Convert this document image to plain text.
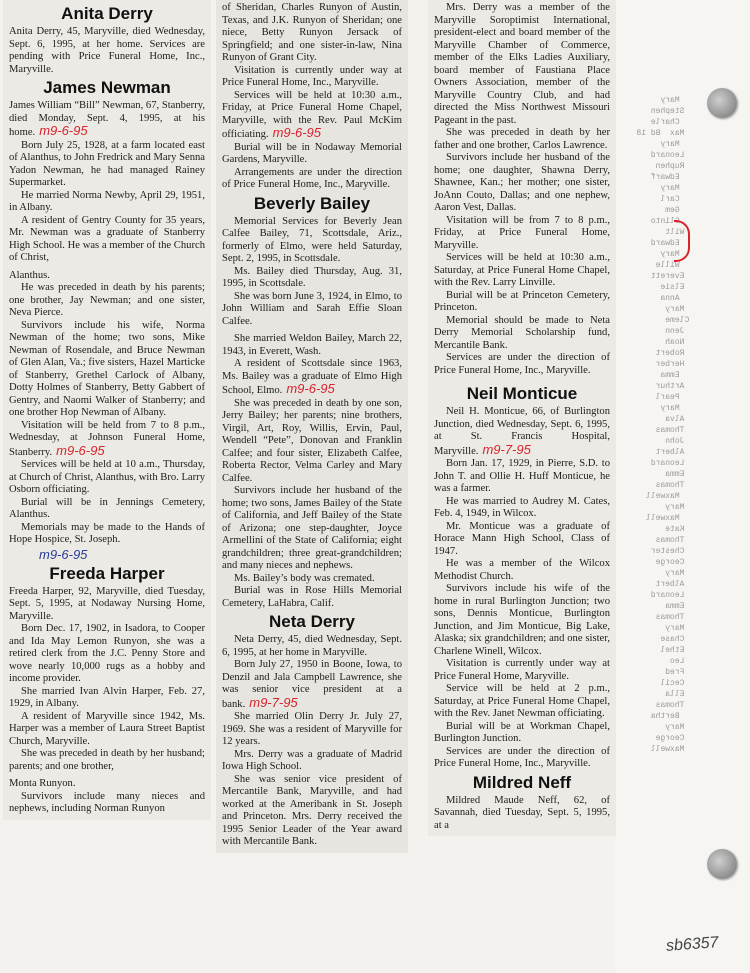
Mary
Stephen
Charle
Max  Bd
Mary
Leonard
Ruphen
Edwarf
Mary
Carl
Gem
Clinto
Wilt
Edward
Mary
Wille
Everett
Elsie
Anna
Mary
Cleme
Jenn
Noah
Robert
Herber
Emma
Arthur
Pearl
Mary
Alva
Thomas
John
Albert
Leonard
Emma
Thomas
Maxwell
Mary
Maxwell
Kate
Thomas
Chester
Ceorge
Mary
Albert
Leonard
Emma
Thomas
Mary
Chase
Ethel
Leo
Fred
Cecil
Ella
Thomas
Bertha
Mary
Ceorge
Maxwell

sb6357
Anita Derry

Anita Derry, 45, Maryville, died Wednesday, Sept. 6, 1995, at her home. Services are pending with Price Funeral Home, Inc., Maryville.

James Newman

James William “Bill” Newman, 67, Stanberry, died Monday, Sept. 4, 1995, at his home. m9-6-95

Born July 25, 1928, at a farm located east of Alanthus, to John Fredrick and Mary Senna Yadon Newman, he had managed Rainey Supermarket.

He married Norma Newby, April 29, 1951, in Albany.

A resident of Gentry County for 35 years, Mr. Newman was a graduate of Stanberry High School. He was a member of the Church of Christ,

Alanthus.

He was preceded in death by his parents; one brother, Jay Newman; and one sister, Neva Pierce.

Survivors include his wife, Norma Newman of the home; two sons, Mike Newman of Rosendale, and Bruce Newman of Glen Alan, Va.; five sisters, Hazel Marticke of Stanberry, Grethel Carlock of Albany, Dotty Holmes of Stanberry, Betty Gabbert of Gentry, and Naomi Walker of Stanberry; and one brother Hop Newman of Albany.

Visitation will be held from 7 to 8 p.m., Wednesday, at Johnson Funeral Home, Stanberry. m9-6-95

Services will be held at 10 a.m., Thursday, at Church of Christ, Alanthus, with Bro. Larry Osborn officiating.

Burial will be in Jennings Cemetery, Alanthus.

Memorials may be made to the Hands of Hope Hospice, St. Joseph.

m9-6-95
Freeda Harper

Freeda Harper, 92, Maryville, died Tuesday, Sept. 5, 1995, at Nodaway Nursing Home, Maryville.

Born Dec. 17, 1902, in Isadora, to Cooper and Ida May Lemon Runyon, she was a retired clerk from the J.C. Penny Store and wove nearly 10,000 rugs as a hobby and income provider.

She married Ivan Alvin Harper, Feb. 27, 1929, in Albany.

A resident of Maryville since 1942, Ms. Harper was a member of Laura Street Baptist Church, Maryville.

She was preceded in death by her husband; parents; and one brother,

Monta Runyon.

Survivors include many nieces and nephews, including Norman Runyon

of Sheridan, Charles Runyon of Austin, Texas, and J.K. Runyon of Sheridan; one niece, Betty Runyon Jersack of Springfield; and one sister-in-law, Nina Runyon of Grant City.

Visitation is currently under way at Price Funeral Home, Inc., Maryville.

Services will be held at 10:30 a.m., Friday, at Price Funeral Home Chapel, Maryville, with the Rev. Paul McKim officiating. m9-6-95

Burial will be in Nodaway Memorial Gardens, Maryville.

Arrangements are under the direction of Price Funeral Home, Inc., Maryville.

Beverly Bailey

Memorial Services for Beverly Jean Calfee Bailey, 71, Scottsdale, Ariz., formerly of Elmo, were held Saturday, Sept. 2, 1995, in Scottsdale.

Ms. Bailey died Thursday, Aug. 31, 1995, in Scottsdale.

She was born June 3, 1924, in Elmo, to John William and Sarah Effie Sloan Calfee.

She married Weldon Bailey, March 22, 1943, in Everett, Wash.

A resident of Scottsdale since 1963, Ms. Bailey was a graduate of Elmo High School, Elmo. m9-6-95

She was preceded in death by one son, Jerry Bailey; her parents; nine brothers, Virgil, Art, Roy, Willis, Ervin, Paul, Wendell “Pete”, Donovan and Franklin Calfee; and four sister, Elizabeth Calfee, Roberta Rector, Velma Carley and Mary Calfee.

Survivors include her husband of the home; two sons, James Bailey of the State of California, and Jeff Bailey of the State of Arizona; one step-daughter, Joyce Armellini of the State of California; eight grandchildren; three great-grandchildren; and many nieces and nephews.

Ms. Bailey’s body was cremated.

Burial was in Rose Hills Memorial Cemetery, LaHabra, Calif.

Neta Derry

Neta Derry, 45, died Wednesday, Sept. 6, 1995, at her home in Maryville.

Born July 27, 1950 in Boone, Iowa, to Denzil and Jala Campbell Lawrence, she was senior vice president at a bank. m9-7-95

She married Olin Derry Jr. July 27, 1969. She was a resident of Maryville for 12 years.

Mrs. Derry was a graduate of Madrid Iowa High School.

She was senior vice president of Mercantile Bank, Maryville, and had worked at the Ameribank in St. Joseph and Princeton. Mrs. Derry received the 1995 Senior Leader of the Year award with Mercantile Bank.

Mrs. Derry was a member of the Maryville Soroptimist International, president-elect and board member of the Maryville Chamber of Commerce, member of the Elks Ladies Auxiliary, board member of Faustiana Place Owners Association, member of the Maryville Country Club, and had directed the Miss Northwest Missouri Pageant in the past.

She was preceded in death by her father and one brother, Carlos Lawrence.

Survivors include her husband of the home; one daughter, Shawna Derry, Shawnee, Kan.; her mother; one sister, JoAnn Couto, Dallas; and one nephew, Aaron Vest, Dallas.

Visitation will be from 7 to 8 p.m., Friday, at Price Funeral Home, Maryville.

Services will be held at 10:30 a.m., Saturday, at Price Funeral Home Chapel, with the Rev. Larry Linville.

Burial will be at Princeton Cemetery, Princeton.

Memorial should be made to Neta Derry Memorial Scholarship fund, Mercantile Bank.

Services are under the direction of Price Funeral Home, Inc., Maryville.

Neil Monticue

Neil H. Monticue, 66, of Burlington Junction, died Wednesday, Sept. 6, 1995, at St. Francis Hospital, Maryville. m9-7-95

Born Jan. 17, 1929, in Pierre, S.D. to John T. and Ollie H. Huff Monticue, he was a farmer.

He was married to Audrey M. Cates, Feb. 4, 1949, in Wilcox.

Mr. Monticue was a graduate of Horace Mann High School, Class of 1947.

He was a member of the Wilcox Methodist Church.

Survivors include his wife of the home in rural Burlington Junction; two sons, Dennis Monticue, Burlington Junction, and Jim Monticue, Big Lake, Alaska; six grandchildren; and one sister, Charlene Winell, Wilcox.

Visitation is currently under way at Price Funeral Home, Maryville.

Service will be held at 2 p.m., Saturday, at Price Funeral Home Chapel, with the Rev. Janet Newman officiating.

Burial will be at Workman Chapel, Burlington Junction.

Services are under the direction of Price Funeral Home, Inc., Maryville.

Mildred Neff

Mildred Maude Neff, 62, of Savannah, died Tuesday, Sept. 5, 1995, at a
